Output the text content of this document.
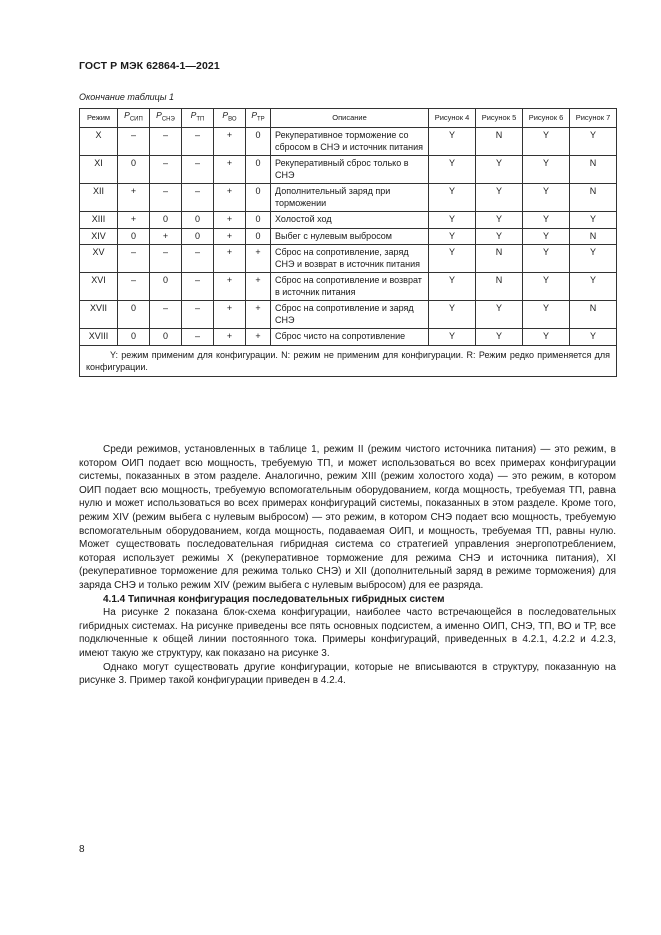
ГОСТ Р МЭК 62864-1—2021
Окончание таблицы 1
Режим	$P_{СИП}$	$P_{СНЭ}$	$P_{ТП}$	$P_{ВО}$	$P_{ТР}$	Описание	Рисунок 4	Рисунок 5	Рисунок 6	Рисунок 7
X	–	–	–	+	0	Рекуперативное торможение со сбросом в СНЭ и источник питания	Y	N	Y	Y
XI	0	–	–	+	0	Рекуперативный сброс только в СНЭ	Y	Y	Y	N
XII	+	–	–	+	0	Дополнительный заряд при торможении	Y	Y	Y	N
XIII	+	0	0	+	0	Холостой ход	Y	Y	Y	Y
XIV	0	+	0	+	0	Выбег с нулевым выбросом	Y	Y	Y	N
XV	–	–	–	+	+	Сброс на сопротивление, заряд СНЭ и возврат в источник питания	Y	N	Y	Y
XVI	–	0	–	+	+	Сброс на сопротивление и возврат в источник питания	Y	N	Y	Y
XVII	0	–	–	+	+	Сброс на сопротивление и заряд СНЭ	Y	Y	Y	N
XVIII	0	0	–	+	+	Сброс чисто на сопротивление	Y	Y	Y	Y
Y: режим применим для конфигурации. N: режим не применим для конфигурации. R: Режим редко применяется для конфигурации.										

Среди режимов, установленных в таблице 1, режим II (режим чистого источника питания) — это режим, в котором ОИП подает всю мощность, требуемую ТП, и может использоваться во всех примерах конфигурации системы, показанных в этом разделе. Аналогично, режим XIII (режим холостого хода) — это режим, в котором ОИП подает всю мощность, требуемую вспомогательным оборудованием, когда мощность, требуемая ТП, равна нулю и может использоваться во всех примерах конфигураций системы, показанных в этом разделе. Кроме того, режим XIV (режим выбега с нулевым выбросом) — это режим, в котором СНЭ подает всю мощность, требуемую вспомогательным оборудованием, когда мощность, подаваемая ОИП, и мощность, требуемая ТП, равны нулю. Может существовать последовательная гибридная система со стратегией управления энергопотреблением, которая использует режимы X (рекуперативное торможение для режима СНЭ и источника питания), XI (рекуперативное торможение для режима только СНЭ) и XII (дополнительный заряд в режиме торможения) для заряда СНЭ и только режим XIV (режим выбега с нулевым выбросом) для ее разряда.

4.1.4 Типичная конфигурация последовательных гибридных систем

На рисунке 2 показана блок-схема конфигурации, наиболее часто встречающейся в последовательных гибридных системах. На рисунке приведены все пять основных подсистем, а именно ОИП, СНЭ, ТП, ВО и ТР, все подключенные к общей линии постоянного тока. Примеры конфигураций, приведенных в 4.2.1, 4.2.2 и 4.2.3, имеют такую же структуру, как показано на рисунке 3.

Однако могут существовать другие конфигурации, которые не вписываются в структуру, показанную на рисунке 3. Пример такой конфигурации приведен в 4.2.4.

8
